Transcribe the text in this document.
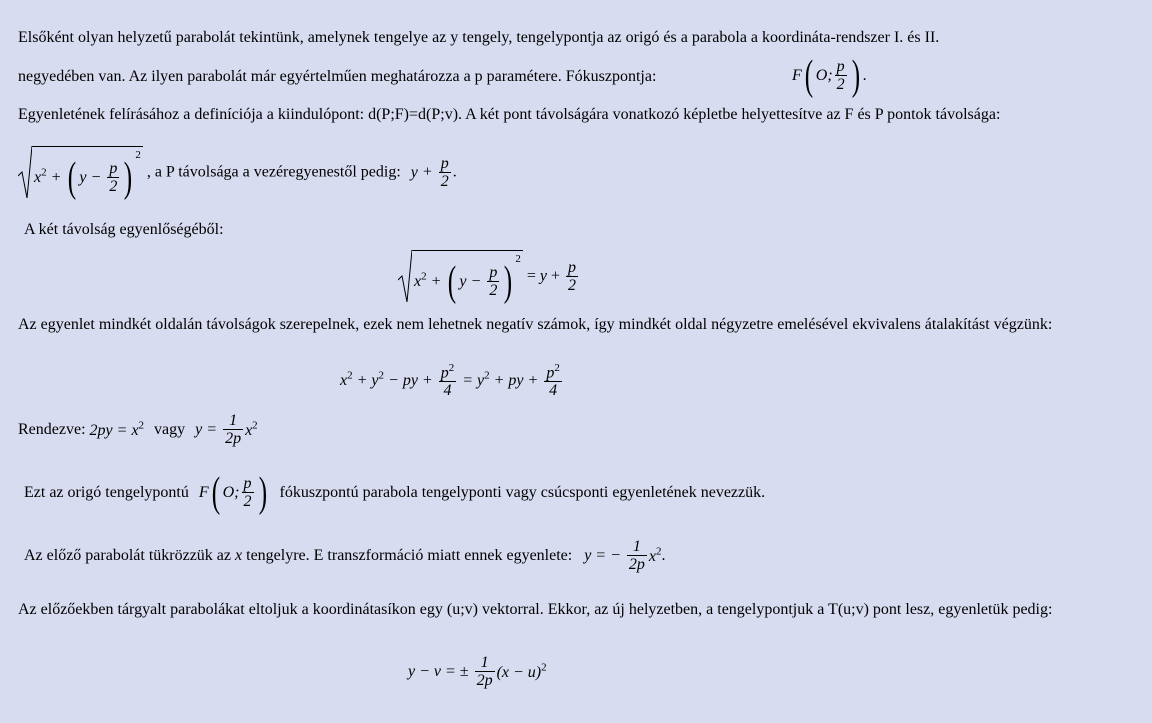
Elsőként olyan helyzetű parabolát tekintünk, amelynek tengelye az y tengely, tengelypontja az origó és a parabola a koordináta-rendszer I. és II.

negyedében van. Az ilyen parabolát már egyértelműen meghatározza a p paramétere. Fókuszpontja:	F( O; $\frac{p}{2}$ ) .

Egyenletének felírásához a definíciója a kiindulópont: d(P;F)=d(P;v). A két pont távolságára vonatkozó képletbe helyettesítve az F és P pontok távolsága:

$x^2$ + ( $y - \frac{p}{2} )^2$ , a P távolsága a vezéregyenestől pedig: $y + \frac{p}{2}$ .

A két távolság egyenlőségéből:

$x^2$ + ( $y - \frac{p}{2} )^2 = y + \frac{p}{2}$

Az egyenlet mindkét oldalán távolságok szerepelnek, ezek nem lehetnek negatív számok, így mindkét oldal négyzetre emelésével ekvivalens átalakítást végzünk:

$x^2 + y^2$ − py + $\frac{p^2}{4} = y^2$ + py + $\frac{p^2}{4}$
Rendezve: $2py = x^2$ vagy $y = \frac{1}{2p} x^2$
Ezt az origó tengelypontú F( O; $\frac{p}{2}$ ) fókuszpontú parabola tengelyponti vagy csúcsponti egyenletének nevezzük.
Az előző parabolát tükrözzük az x tengelyre. E transzformáció miatt ennek egyenlete: y = − $\frac{1}{2p} x^2$.

Az előzőekben tárgyalt parabolákat eltoljuk a koordinátasíkon egy (u;v) vektorral. Ekkor, az új helyzetben, a tengelypontjuk a T(u;v) pont lesz, egyenletük pedig:

y − v = ± $\frac{1}{2p} (x - u)^2$
